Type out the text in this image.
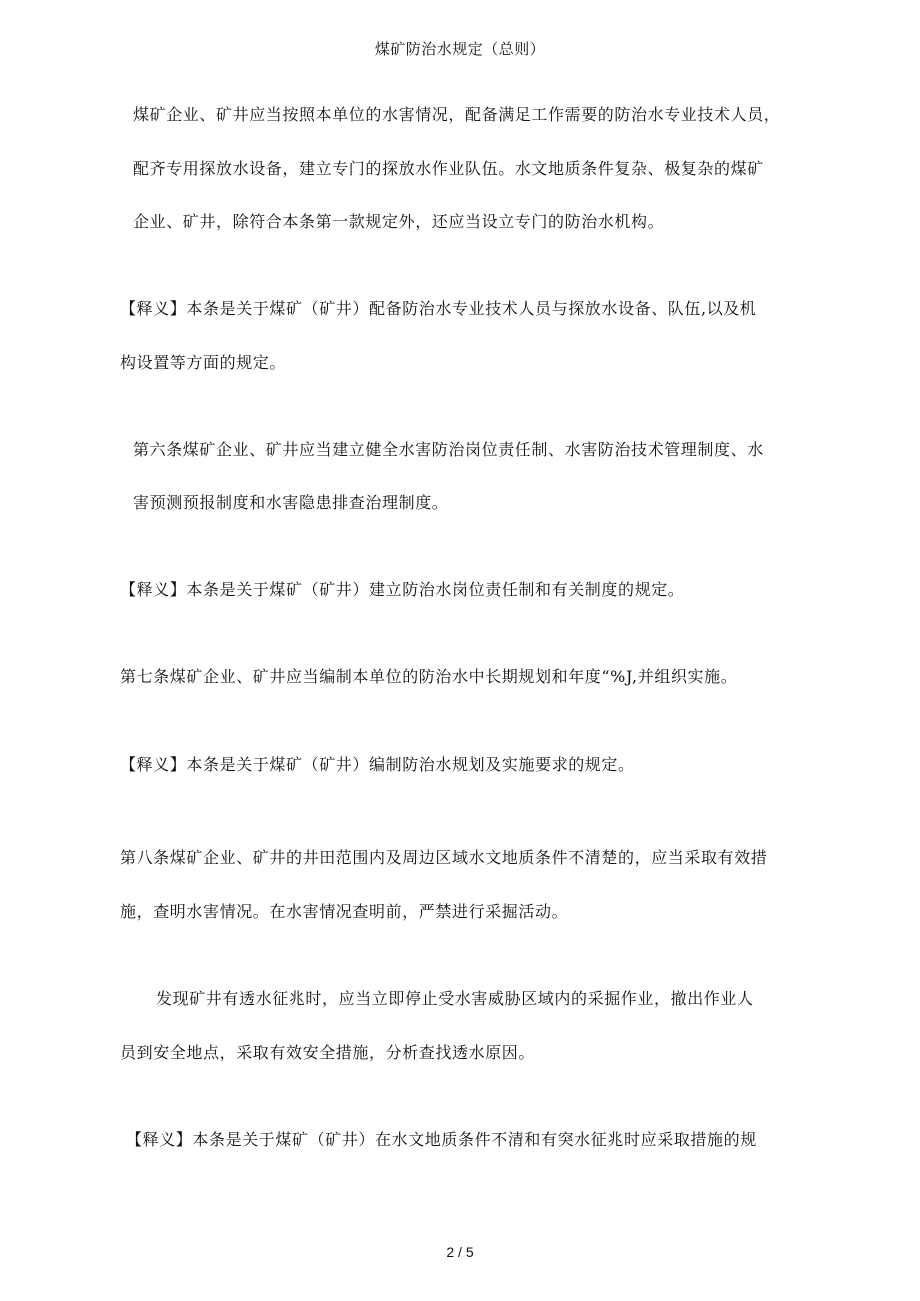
煤矿防治水规定（总则）
煤矿企业、矿井应当按照本单位的水害情况，配备满足工作需要的防治水专业技术人员，
配齐专用探放水设备，建立专门的探放水作业队伍。水文地质条件复杂、极复杂的煤矿
企业、矿井，除符合本条第一款规定外，还应当设立专门的防治水机构。
【释义】本条是关于煤矿（矿井）配备防治水专业技术人员与探放水设备、队伍,以及机
构设置等方面的规定。
第六条煤矿企业、矿井应当建立健全水害防治岗位责任制、水害防治技术管理制度、水
害预测预报制度和水害隐患排查治理制度。
【释义】本条是关于煤矿（矿井）建立防治水岗位责任制和有关制度的规定。
第七条煤矿企业、矿井应当编制本单位的防治水中长期规划和年度“%J,并组织实施。
【释义】本条是关于煤矿（矿井）编制防治水规划及实施要求的规定。
第八条煤矿企业、矿井的井田范围内及周边区域水文地质条件不清楚的，应当采取有效措
施，查明水害情况。在水害情况查明前，严禁进行采掘活动。
发现矿井有透水征兆时，应当立即停止受水害威胁区域内的采掘作业，撤出作业人
员到安全地点，采取有效安全措施，分析查找透水原因。
【释义】本条是关于煤矿（矿井）在水文地质条件不清和有突水征兆时应采取措施的规
2 / 5
